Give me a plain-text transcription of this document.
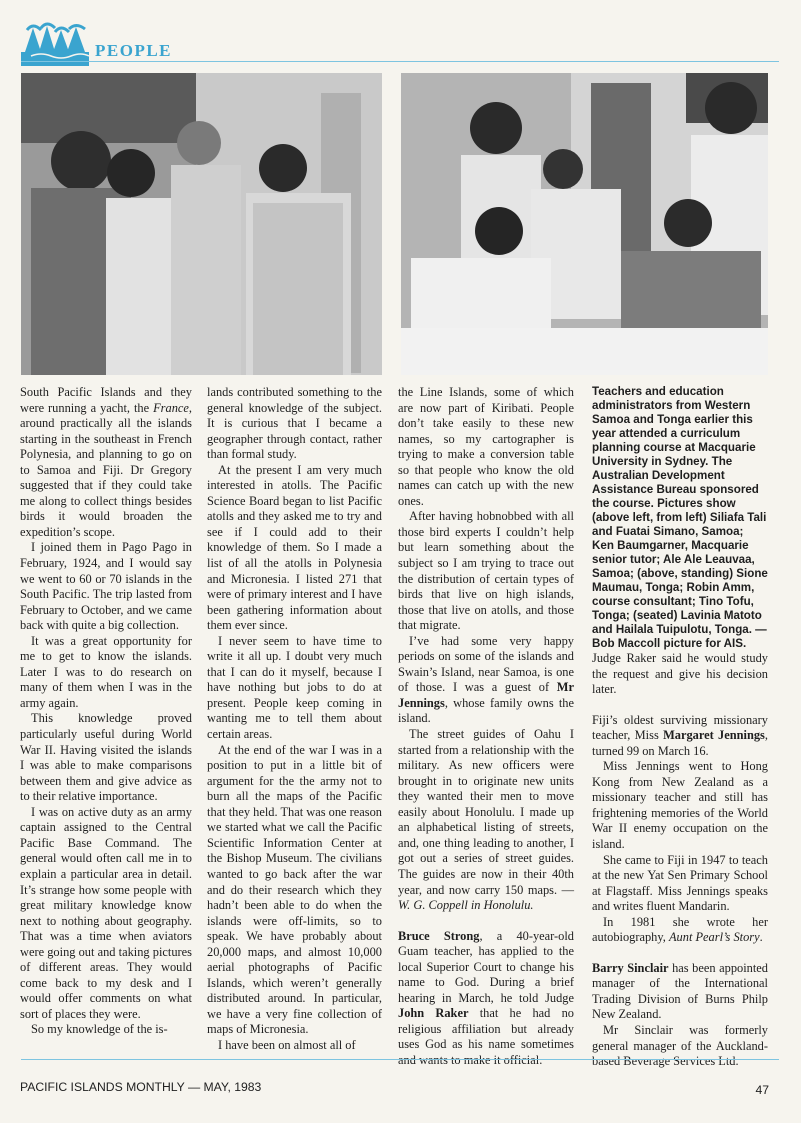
PEOPLE

South Pacific Islands and they were running a yacht, the France, around practically all the islands starting in the southeast in French Polynesia, and planning to go on to Samoa and Fiji. Dr Gregory suggested that if they could take me along to collect things besides birds it would broaden the expedition’s scope.

I joined them in Pago Pago in February, 1924, and I would say we went to 60 or 70 islands in the South Pacific. The trip lasted from February to October, and we came back with quite a big collection.

It was a great opportunity for me to get to know the islands. Later I was to do research on many of them when I was in the army again.

This knowledge proved particularly useful during World War II. Having visited the islands I was able to make comparisons between them and give advice as to their relative importance.

I was on active duty as an army captain assigned to the Central Pacific Base Command. The general would often call me in to explain a particular area in detail. It’s strange how some people with great military knowledge know next to nothing about geography. That was a time when aviators were going out and taking pictures of different areas. They would come back to my desk and I would offer comments on what sort of places they were.

So my knowledge of the is-

lands contributed something to the general knowledge of the subject. It is curious that I became a geographer through contact, rather than formal study.

At the present I am very much interested in atolls. The Pacific Science Board began to list Pacific atolls and they asked me to try and see if I could add to their knowledge of them. So I made a list of all the atolls in Polynesia and Micronesia. I listed 271 that were of primary interest and I have been gathering information about them ever since.

I never seem to have time to write it all up. I doubt very much that I can do it myself, because I have nothing but jobs to do at present. People keep coming in wanting me to tell them about certain areas.

At the end of the war I was in a position to put in a little bit of argument for the the army not to burn all the maps of the Pacific that they held. That was one reason we started what we call the Pacific Scientific Information Center at the Bishop Museum. The civilians wanted to go back after the war and do their research which they hadn’t been able to do when the islands were off-limits, so to speak. We have probably about 20,000 maps, and almost 10,000 aerial photographs of Pacific Islands, which weren’t generally distributed around. In particular, we have a very fine collection of maps of Micronesia.

I have been on almost all of

the Line Islands, some of which are now part of Kiribati. People don’t take easily to these new names, so my cartographer is trying to make a conversion table so that people who know the old names can catch up with the new ones.

After having hobnobbed with all those bird experts I couldn’t help but learn something about the subject so I am trying to trace out the distribution of certain types of birds that live on high islands, those that live on atolls, and those that migrate.

I’ve had some very happy periods on some of the islands and Swain’s Island, near Samoa, is one of those. I was a guest of Mr Jennings, whose family owns the island.

The street guides of Oahu I started from a relationship with the military. As new officers were brought in to originate new units they wanted their men to move easily about Honolulu. I made up an alphabetical listing of streets, and, one thing leading to another, I got out a series of street guides. The guides are now in their 40th year, and now carry 150 maps. — W. G. Coppell in Honolulu.

Bruce Strong, a 40-year-old Guam teacher, has applied to the local Superior Court to change his name to God. During a brief hearing in March, he told Judge John Raker that he had no religious affiliation but already uses God as his name sometimes and wants to make it official.

Teachers and education administrators from Western Samoa and Tonga earlier this year attended a curriculum planning course at Macquarie University in Sydney. The Australian Development Assistance Bureau sponsored the course. Pictures show (above left, from left) Siliafa Tali and Fuatai Simano, Samoa; Ken Baumgarner, Macquarie senior tutor; Ale Ale Leauvaa, Samoa; (above, standing) Sione Maumau, Tonga; Robin Amm, course consultant; Tino Tofu, Tonga; (seated) Lavinia Matoto and Hailala Tuipulotu, Tonga. — Bob Maccoll picture for AIS.

Judge Raker said he would study the request and give his decision later.

Fiji’s oldest surviving missionary teacher, Miss Margaret Jennings, turned 99 on March 16.

Miss Jennings went to Hong Kong from New Zealand as a missionary teacher and still has frightening memories of the World War II enemy occupation on the island.

She came to Fiji in 1947 to teach at the new Yat Sen Primary School at Flagstaff. Miss Jennings speaks and writes fluent Mandarin.

In 1981 she wrote her autobiography, Aunt Pearl’s Story.

Barry Sinclair has been appointed manager of the International Trading Division of Burns Philp New Zealand.

Mr Sinclair was formerly general manager of the Auckland-based Beverage Services Ltd.

PACIFIC ISLANDS MONTHLY — MAY, 1983	47
